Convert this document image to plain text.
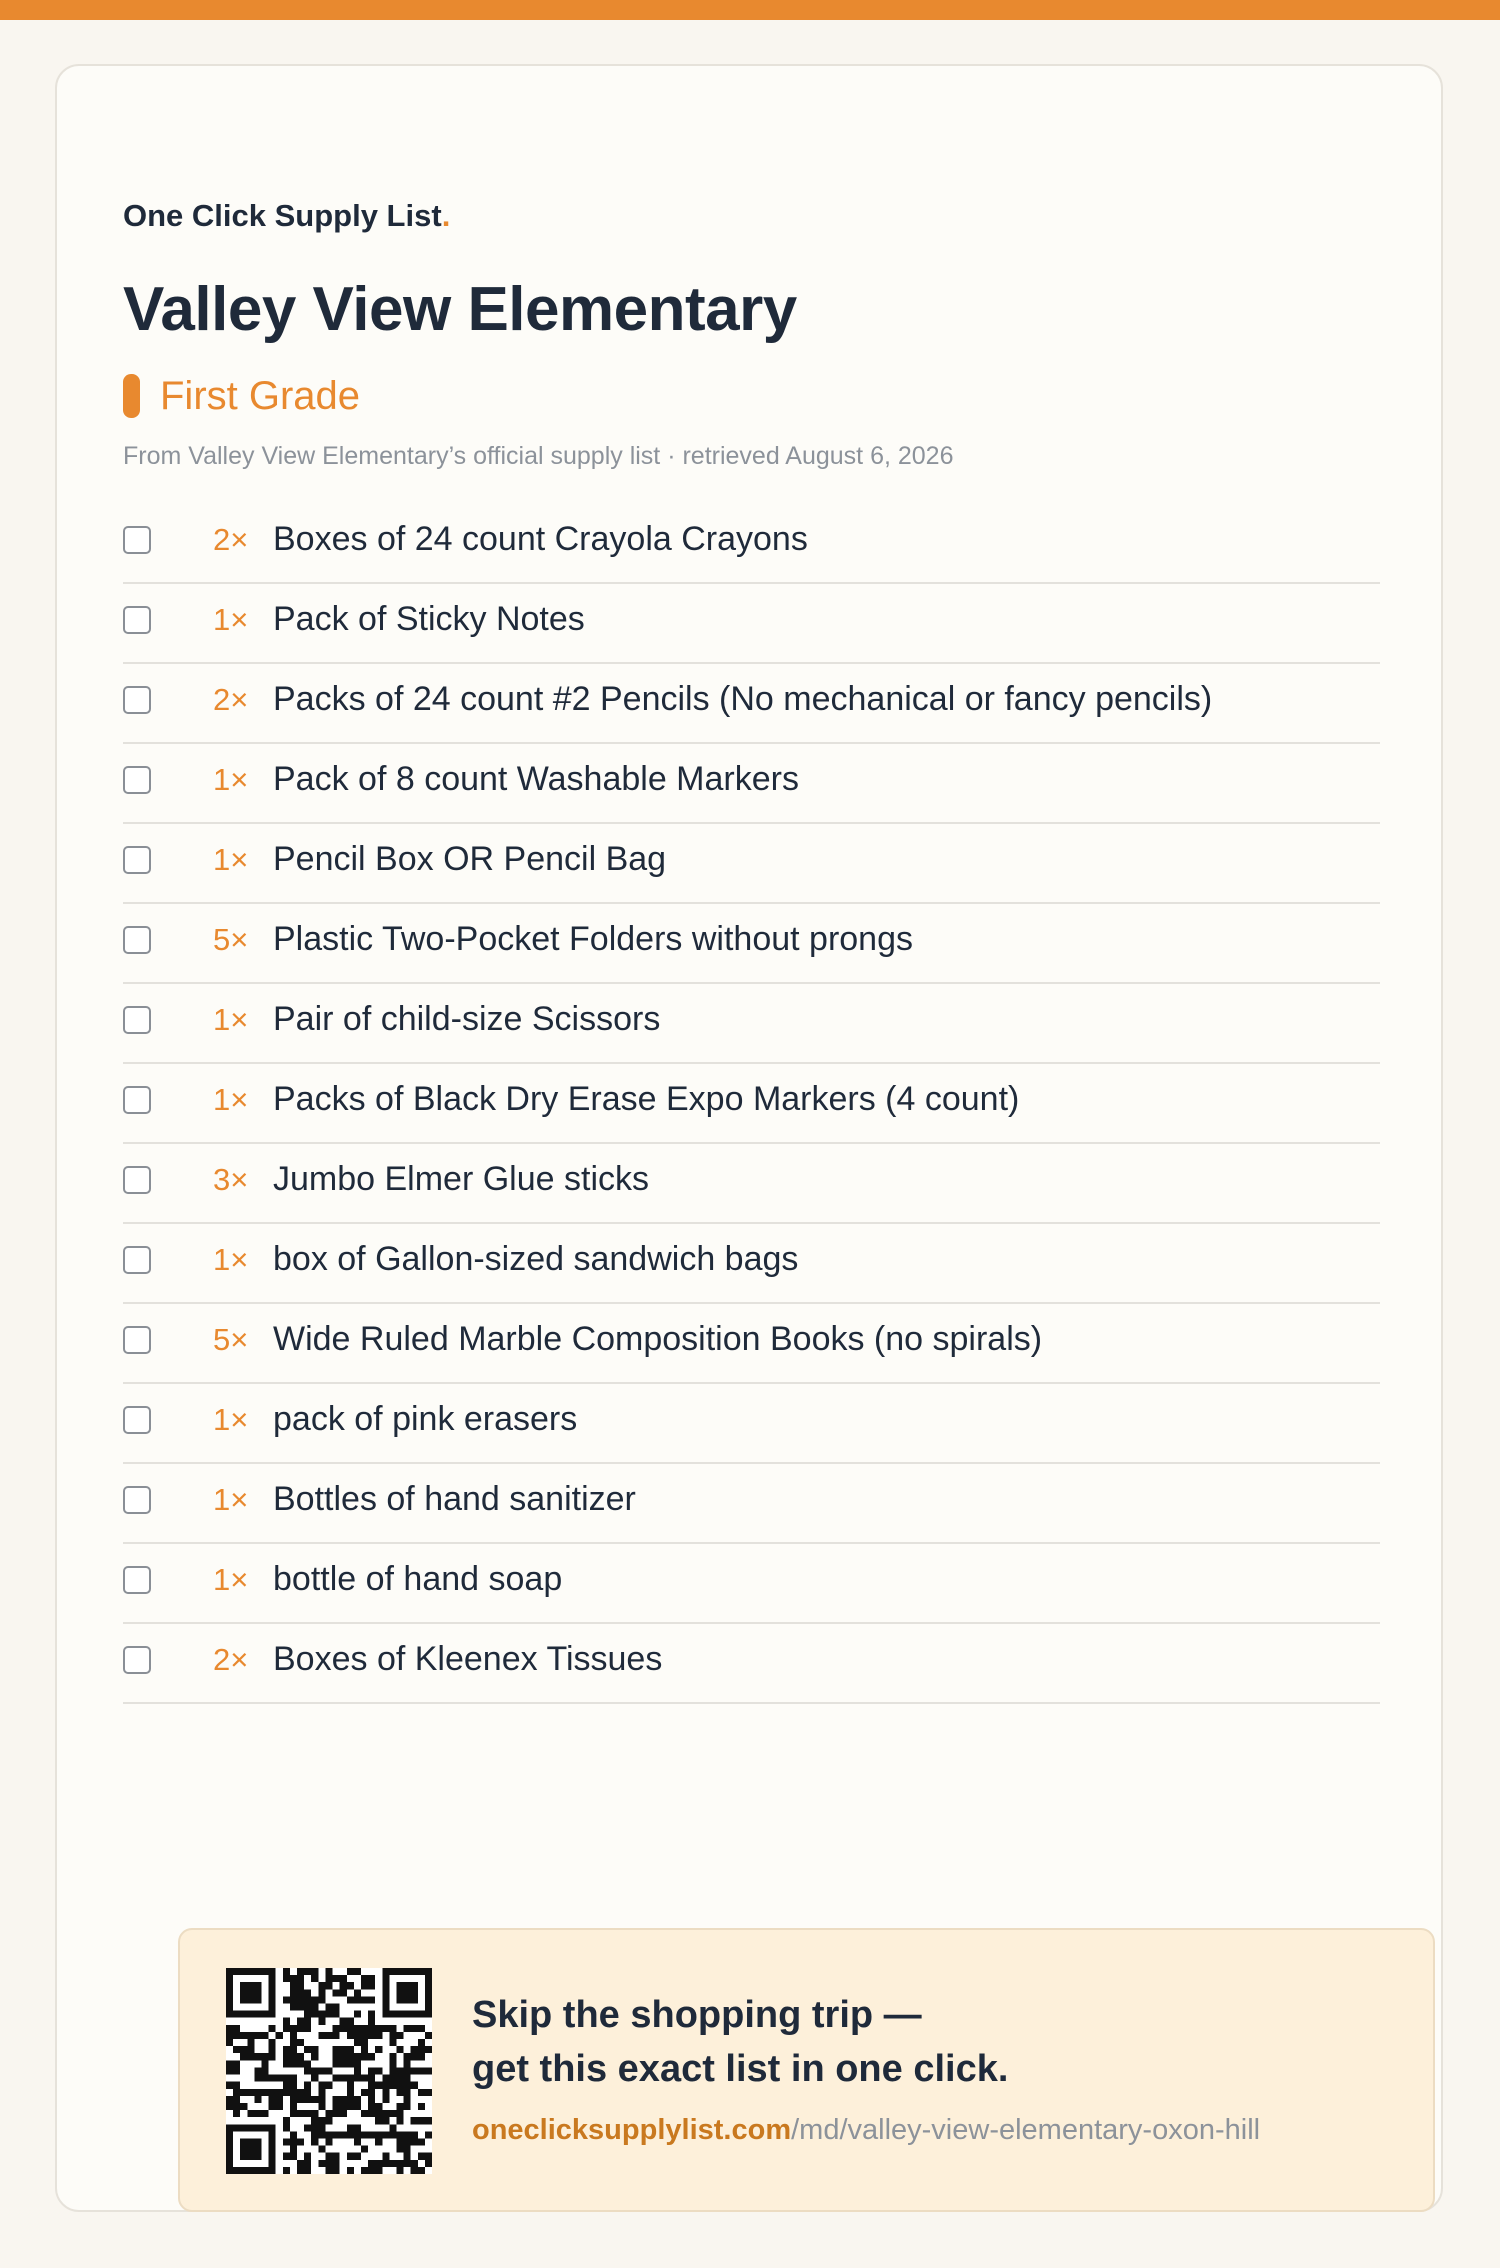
One Click Supply List.
Valley View Elementary
First Grade
From Valley View Elementary’s official supply list · retrieved August 6, 2026
2× Boxes of 24 count Crayola Crayons
1× Pack of Sticky Notes
2× Packs of 24 count #2 Pencils (No mechanical or fancy pencils)
1× Pack of 8 count Washable Markers
1× Pencil Box OR Pencil Bag
5× Plastic Two-Pocket Folders without prongs
1× Pair of child-size Scissors
1× Packs of Black Dry Erase Expo Markers (4 count)
3× Jumbo Elmer Glue sticks
1× box of Gallon-sized sandwich bags
5× Wide Ruled Marble Composition Books (no spirals)
1× pack of pink erasers
1× Bottles of hand sanitizer
1× bottle of hand soap
2× Boxes of Kleenex Tissues
Skip the shopping trip —
get this exact list in one click.
oneclicksupplylist.com/md/valley-view-elementary-oxon-hill
